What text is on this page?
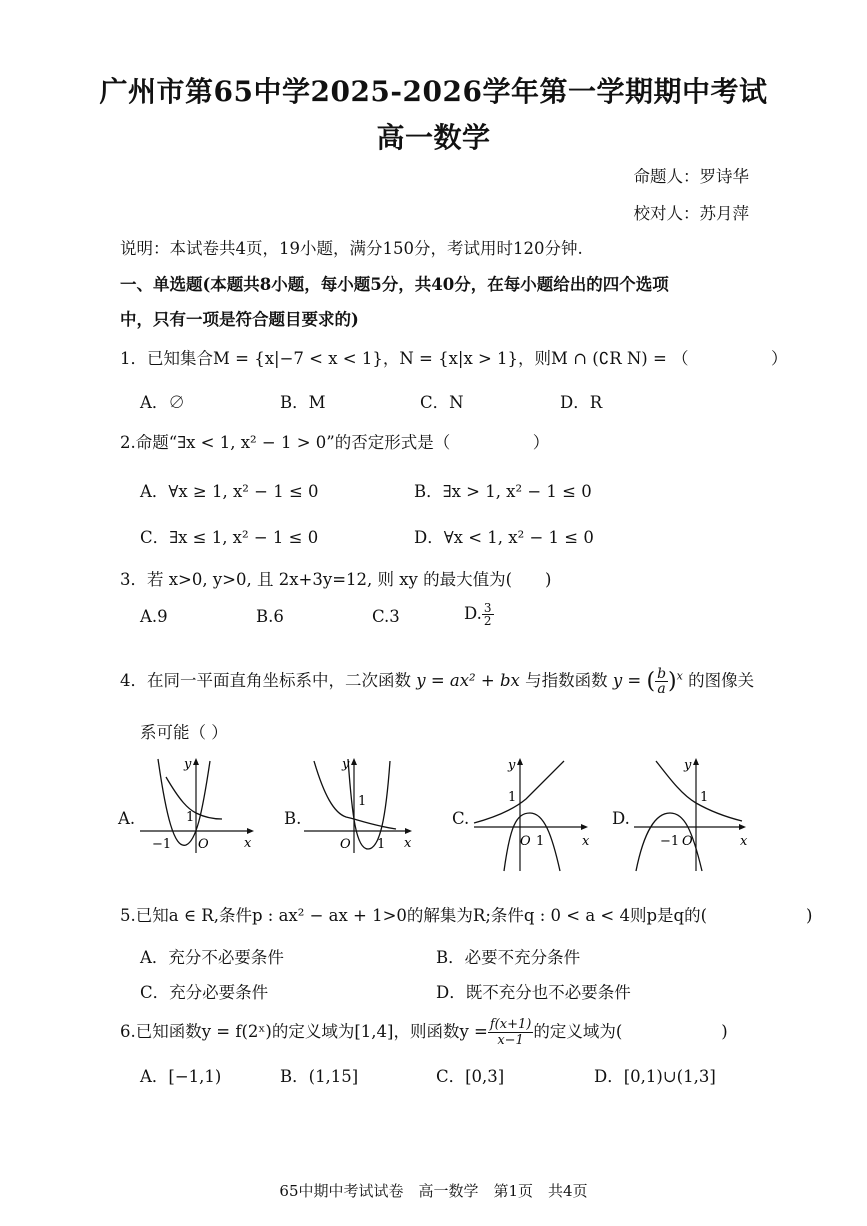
广州市第65中学2025-2026学年第一学期期中考试
高一数学
命题人：罗诗华
校对人：苏月萍
说明：本试卷共4页，19小题，满分150分，考试用时120分钟.
一、单选题(本题共8小题，每小题5分，共40分，在每小题给出的四个选项
中，只有一项是符合题目要求的)
1．已知集合M = {x|−7 < x < 1}，N = {x|x > 1}，则M ∩ (∁R N) = （　　　　　）
A．∅	B．M	C．N	D．R
2.命题“∃x < 1, x² − 1 > 0”的否定形式是（　　　　　）
A．∀x ≥ 1, x² − 1 ≤ 0	B．∃x > 1, x² − 1 ≤ 0
C．∃x ≤ 1, x² − 1 ≤ 0	D．∀x < 1, x² − 1 ≤ 0
3．若 x>0, y>0, 且 2x+3y=12, 则 xy 的最大值为(　　)
A.9	B.6	C.3	D. $\frac{3}{2}$
4．在同一平面直角坐标系中，二次函数 y = ax² + bx 与指数函数 y = ( $\frac{b}{a} )^x$ 的图像关
系可能（ ）
A.
y
x
O
1
−1
B.
y
x
O
1
1
C.
y
x
O
1
1
D.
y
x
O
1
−1
5.已知a ∈ R,条件p : ax² − ax + 1>0的解集为R;条件q : 0 < a < 4则p是q的(　　　　　　)
A．充分不必要条件	B．必要不充分条件
C．充分必要条件	D．既不充分也不必要条件
6.已知函数y = f(2ˣ)的定义域为[1,4]，则函数$y = \frac{f(x+1)}{x-1}$ 的定义域为(　　　　　　)
A．[−1,1)	B．(1,15]	C．[0,3]	D．[0,1)∪(1,3]
65中期中考试试卷　高一数学　第1页　共4页
